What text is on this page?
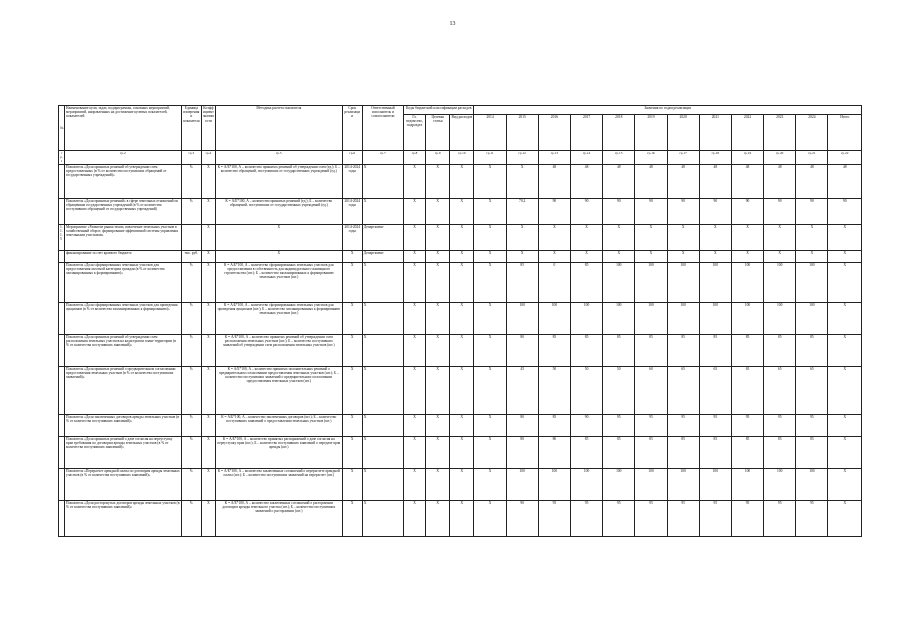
13
№	Наименование цели, задач, подпрограммы, основных мероприятий, мероприятий, направленных на достижение целевых показателей, показателей	Единица измерения и показателя	Коэффициент значимости	Методика расчета показателя	Срок реализации	Ответственный исполнитель и соисполнители	Коды бюджетной классификации расходов			Значения по годам реализации											
							Гл. ведомство, подраздел	Целевая статья	Вид расходов	2014	2015	2016	2017	2018	2019	2020	2021	2022	2023	2024	Итого
гр.1	гр.2	гр.3	гр.4	гр.5	гр.6	гр.7	гр.8	гр.9	гр.10	гр.11	гр.12	гр.13	гр.14	гр.15	гр.16	гр.17	гр.18	гр.19	гр.20	гр.21	гр.22
	Показатель «Доля принятых решений об утверждении схем предоставленных (в % от количества поступивших обращений от государственных учреждений)»	%	Х	К = А/Б*100, А – количество принятых решений об утверждении схем (ед.); Б – количество обращений, поступивших от государственных учреждений (ед.)	2014-2024 годы	Х	Х	Х	Х	Х	Х	48	48	48	48	48	48	48	48	48	48
	Показатель «Доля принятых решений» в сфере земельных отношений по обращениям государственных учреждений (в % от количества поступивших обращений от государственных учреждений)	%	Х	К = А/Б*100, А – количество принятых решений (ед.); Б – количество обращений, поступивших от государственных учреждений (ед.)	2014-2024 годы	Х	Х	Х	Х	Х	70,2	90	90	90	90	90	90	90	90	90	90
1.1.1.5	Мероприятие «Развитие рынка земли, вовлечение земельных участков в хозяйственный оборот, формирование эффективной системы управления земельными участками»		Х	Х	2014-2024 годы	Департамент	Х	Х	Х	Х	Х	Х	Х	Х	Х	Х	Х	Х	Х	Х	Х
	финансирование за счет краевого бюджета	тыс. руб.	Х	Х	Х	Департамент	Х	Х	Х	Х	Х	Х	Х	Х	Х	Х	Х	Х	Х	Х	Х
	Показатель «Доля сформированных земельных участков для предоставления льготной категории граждан (в % от количества запланированных к формированию)»	%	Х	К = А/Б*100, А – количество сформированных земельных участков для предоставления в собственность для индивидуального жилищного строительства (шт.); Б – количество запланированных к формированию земельных участков (шт.)	Х	Х	Х	Х	Х	Х	85	0	85	100	100	100	100	100	100	100	Х
	Показатель «Доля сформированных земельных участков для проведения аукционов (в % от количества запланированных к формированию)»	%	Х	К = А/Б*100, А – количество сформированных земельных участков для проведения аукционов (шт.); Б – количество запланированных к формированию земельных участков (шт.)	Х	Х	Х	Х	Х	Х	100	100	100	100	100	100	100	100	100	100	Х
	Показатель «Доля принятых решений об утверждении схем расположения земельных участков на кадастровом плане территории (в % от количества поступивших заявлений)»	%	Х	К = А/Б*100, А – количество принятых решений об утверждении схем расположения земельных участков (шт.); Б – количество поступивших заявлений об утверждении схем расположения земельных участков (шт.)	Х	Х	Х	Х	Х	Х	80	85	85	85	85	85	85	85	85	85	Х
	Показатель «Доля принятых решений о предварительном согласовании предоставления земельных участков (в % от количества поступивших заявлений)»	%	Х	К = А/Б*100, А – количество принятых положительных решений о предварительном согласовании предоставления земельных участков (шт.); Б – количество поступивших заявлений о предварительном согласовании предоставления земельных участков (шт.)	Х	Х	Х	Х	Х	Х	45	50	50	50	60	65	65	65	65	65	Х
	Показатель «Доля заключенных договоров аренды земельных участков (в % от количества поступивших заявлений)»	%	Х	К = А/Б*100, А – количество заключенных договоров (шт.); Б – количество поступивших заявлений о предоставлении земельных участков (шт.)	Х	Х	Х	Х	Х	Х	80	85	90	95	95	95	95	95	95	95	Х
	Показатель «Доля принятых решений о даче согласия на переуступку прав требования по договорам аренды земельных участков (в % от количества поступивших заявлений)»	%	Х	К = А/Б*100, А – количество принятых распоряжений о даче согласия на переуступку прав (шт.); Б – количество поступивших заявлений о передаче прав аренды (шт.)	Х	Х	Х	Х	Х	Х	80	80	85	85	85	85	85	85	85	85	Х
	Показатель «Перерасчет арендной платы по договорам аренды земельных участков (в % от количества поступивших заявлений)»	%	Х	К = А/Б*100, А – количество заключенных соглашений о перерасчете арендной платы (шт.); Б – количество поступивших заявлений на перерасчет (шт.)	Х	Х	Х	Х	Х	Х	100	100	100	100	100	100	100	100	100	100	Х
	Показатель «Доля расторгнутых договоров аренды земельных участков (в % от количества поступивших заявлений)»	%	Х	К = А/Б*100, А – количество заключенных соглашений о расторжении договоров аренды земельного участка (шт.); Б – количество поступивших заявлений о расторжении (шт.)	Х	Х	Х	Х	Х	Х	90	95	95	95	95	95	95	95	95	95	Х
